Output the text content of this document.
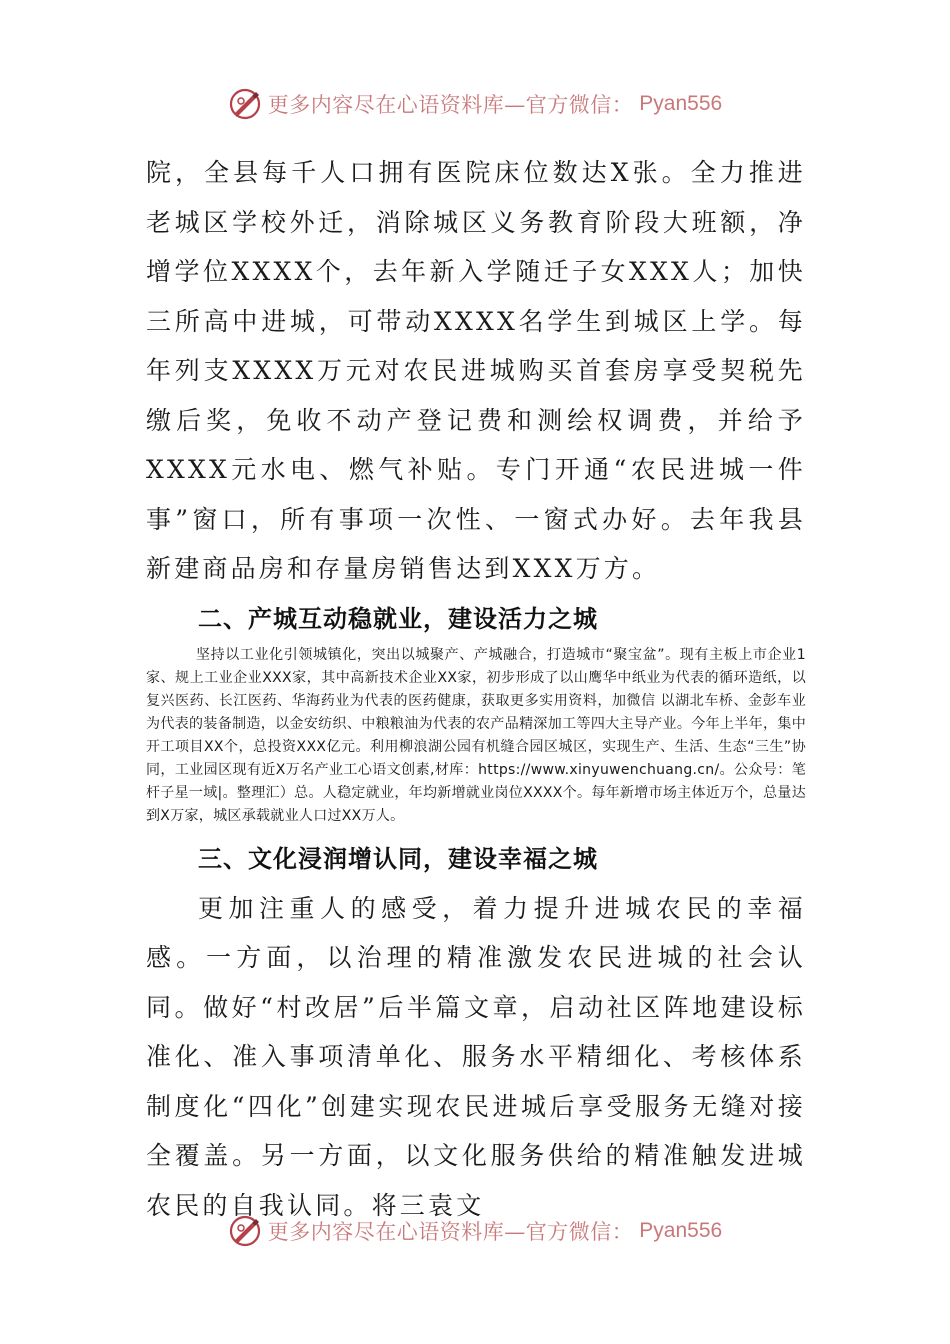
更多内容尽在心语资料库—官方微信： Pyan556

院，全县每千人口拥有医院床位数达X张。全力推进老城区学校外迁，消除城区义务教育阶段大班额，净增学位XXXX个，去年新入学随迁子女XXX人；加快三所高中进城，可带动XXXX名学生到城区上学。每年列支XXXX万元对农民进城购买首套房享受契税先缴后奖，免收不动产登记费和测绘权调费，并给予XXXX元水电、燃气补贴。专门开通“农民进城一件事”窗口，所有事项一次性、一窗式办好。去年我县新建商品房和存量房销售达到XXX万方。

二、产城互动稳就业，建设活力之城

坚持以工业化引领城镇化，突出以城聚产、产城融合，打造城市“聚宝盆”。现有主板上市企业1家、规上工业企业XXX家，其中高新技术企业XX家，初步形成了以山鹰华中纸业为代表的循环造纸，以复兴医药、长江医药、华海药业为代表的医药健康，获取更多实用资料，加微信 以湖北车桥、金彭车业为代表的装备制造，以金安纺织、中粮粮油为代表的农产品精深加工等四大主导产业。今年上半年，集中开工项目XX个，总投资XXX亿元。利用柳浪湖公园有机缝合园区城区，实现生产、生活、生态“三生”协同，工业园区现有近X万名产业工心语文创素,材库：https://www.xinyuwenchuang.cn/。公众号：笔杆子星一域|。整理汇）总。人稳定就业，年均新增就业岗位XXXX个。每年新增市场主体近万个，总量达到X万家，城区承载就业人口过XX万人。

三、文化浸润增认同，建设幸福之城

更加注重人的感受，着力提升进城农民的幸福感。一方面，以治理的精准激发农民进城的社会认同。做好“村改居”后半篇文章，启动社区阵地建设标准化、准入事项清单化、服务水平精细化、考核体系制度化“四化”创建实现农民进城后享受服务无缝对接全覆盖。另一方面，以文化服务供给的精准触发进城农民的自我认同。将三袁文

更多内容尽在心语资料库—官方微信： Pyan556
